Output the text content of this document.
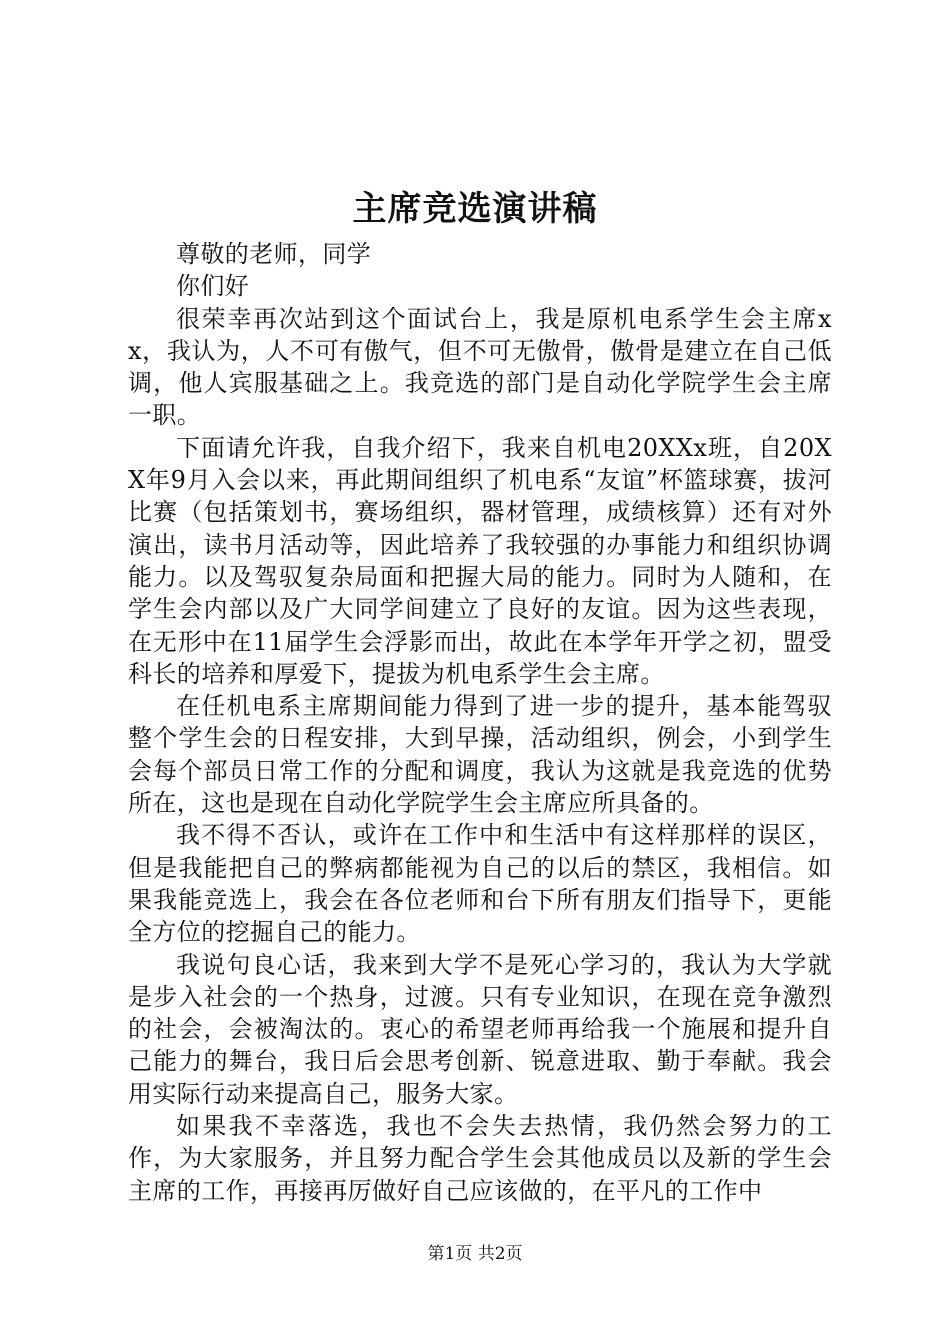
主席竞选演讲稿

尊敬的老师，同学

你们好

很荣幸再次站到这个面试台上，我是原机电系学生会主席xx，我认为，人不可有傲气，但不可无傲骨，傲骨是建立在自己低调，他人宾服基础之上。我竞选的部门是自动化学院学生会主席一职。

下面请允许我，自我介绍下，我来自机电20XXx班，自20XX年9月入会以来，再此期间组织了机电系“友谊”杯篮球赛，拔河比赛（包括策划书，赛场组织，器材管理，成绩核算）还有对外演出，读书月活动等，因此培养了我较强的办事能力和组织协调能力。以及驾驭复杂局面和把握大局的能力。同时为人随和，在学生会内部以及广大同学间建立了良好的友谊。因为这些表现，在无形中在11届学生会浮影而出，故此在本学年开学之初，盟受科长的培养和厚爱下，提拔为机电系学生会主席。

在任机电系主席期间能力得到了进一步的提升，基本能驾驭整个学生会的日程安排，大到早操，活动组织，例会，小到学生会每个部员日常工作的分配和调度，我认为这就是我竞选的优势所在，这也是现在自动化学院学生会主席应所具备的。

我不得不否认，或许在工作中和生活中有这样那样的误区，但是我能把自己的弊病都能视为自己的以后的禁区，我相信。如果我能竞选上，我会在各位老师和台下所有朋友们指导下，更能全方位的挖掘自己的能力。

我说句良心话，我来到大学不是死心学习的，我认为大学就是步入社会的一个热身，过渡。只有专业知识，在现在竞争激烈的社会，会被淘汰的。衷心的希望老师再给我一个施展和提升自己能力的舞台，我日后会思考创新、锐意进取、勤于奉献。我会用实际行动来提高自己，服务大家。

如果我不幸落选，我也不会失去热情，我仍然会努力的工作，为大家服务，并且努力配合学生会其他成员以及新的学生会主席的工作，再接再厉做好自己应该做的，在平凡的工作中

第1页 共2页
